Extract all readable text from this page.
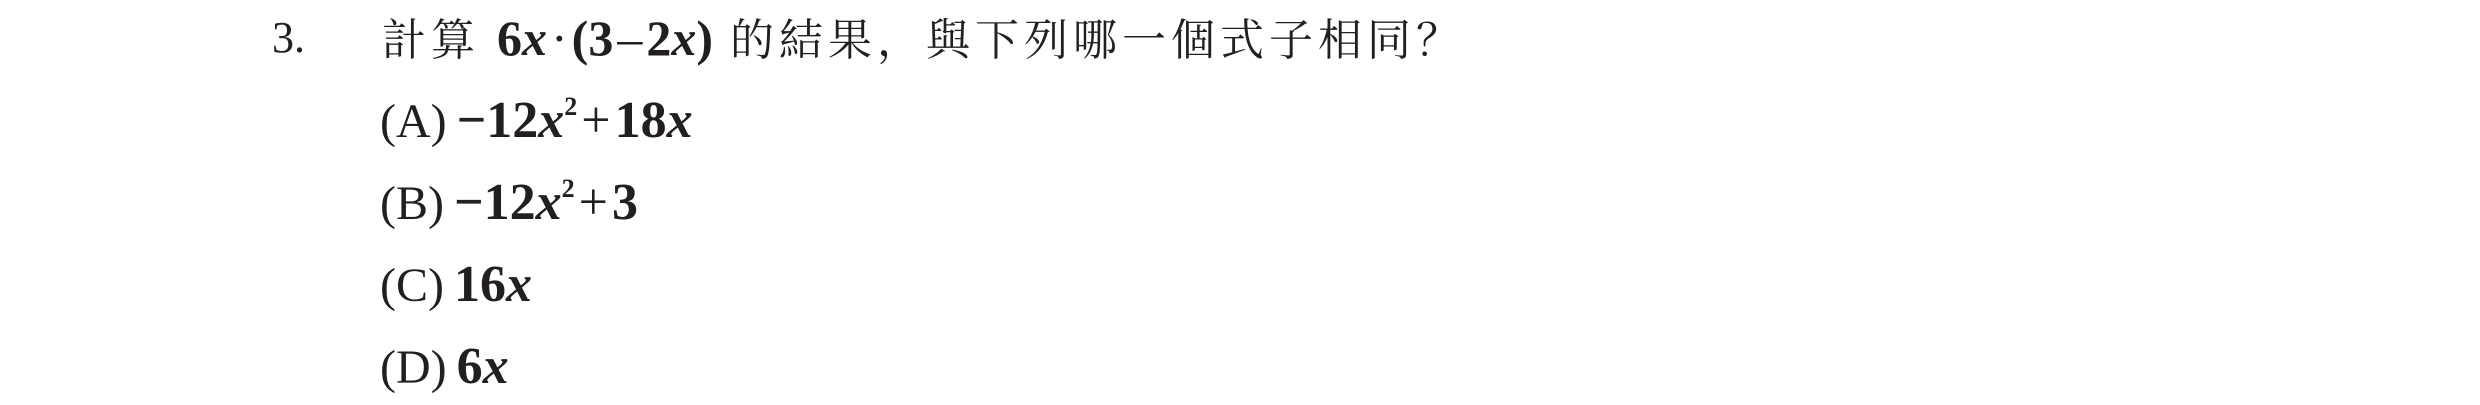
3. 計算 6x·(3–2x) 的結果，與下列哪一個式子相同？
$(A) -12x^2+18x$
$(B) -12x^2+3$
(C) 16x
(D) 6x
